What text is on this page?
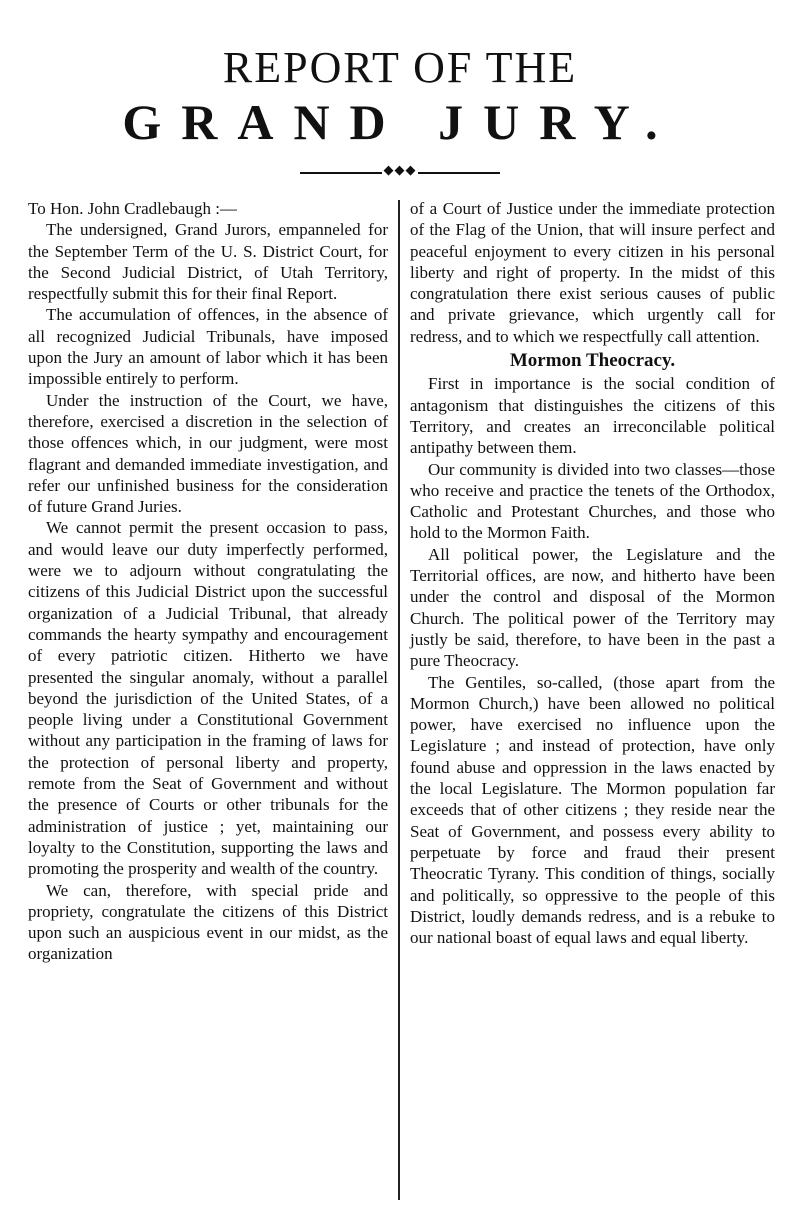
REPORT OF THE
GRAND JURY.
◆◆◆

To Hon. John Cradlebaugh :—

The undersigned, Grand Jurors, empanneled for the September Term of the U. S. District Court, for the Second Judicial District, of Utah Territory, respectfully submit this for their final Report.

The accumulation of offences, in the absence of all recognized Judicial Tribunals, have imposed upon the Jury an amount of labor which it has been impossible entirely to perform.

Under the instruction of the Court, we have, therefore, exercised a discretion in the selection of those offences which, in our judgment, were most flagrant and demanded immediate investigation, and refer our unfinished business for the consideration of future Grand Juries.

We cannot permit the present occasion to pass, and would leave our duty imperfectly performed, were we to adjourn without congratulating the citizens of this Judicial District upon the successful organization of a Judicial Tribunal, that already commands the hearty sympathy and encouragement of every patriotic citizen. Hitherto we have presented the singular anomaly, without a parallel beyond the jurisdiction of the United States, of a people living under a Constitutional Government without any participation in the framing of laws for the protection of personal liberty and property, remote from the Seat of Government and without the presence of Courts or other tribunals for the administration of justice ; yet, maintaining our loyalty to the Constitution, supporting the laws and promoting the prosperity and wealth of the country.

We can, therefore, with special pride and propriety, congratulate the citizens of this District upon such an auspicious event in our midst, as the organization

of a Court of Justice under the immediate protection of the Flag of the Union, that will insure perfect and peaceful enjoyment to every citizen in his personal liberty and right of property. In the midst of this congratulation there exist serious causes of public and private grievance, which urgently call for redress, and to which we respectfully call attention.

Mormon Theocracy.

First in importance is the social condition of antagonism that distinguishes the citizens of this Territory, and creates an irreconcilable political antipathy between them.

Our community is divided into two classes—those who receive and practice the tenets of the Orthodox, Catholic and Protestant Churches, and those who hold to the Mormon Faith.

All political power, the Legislature and the Territorial offices, are now, and hitherto have been under the control and disposal of the Mormon Church. The political power of the Territory may justly be said, therefore, to have been in the past a pure Theocracy.

The Gentiles, so-called, (those apart from the Mormon Church,) have been allowed no political power, have exercised no influence upon the Legislature ; and instead of protection, have only found abuse and oppression in the laws enacted by the local Legislature. The Mormon population far exceeds that of other citizens ; they reside near the Seat of Government, and possess every ability to perpetuate by force and fraud their present Theocratic Tyrany. This condition of things, socially and politically, so oppressive to the people of this District, loudly demands redress, and is a rebuke to our national boast of equal laws and equal liberty.
